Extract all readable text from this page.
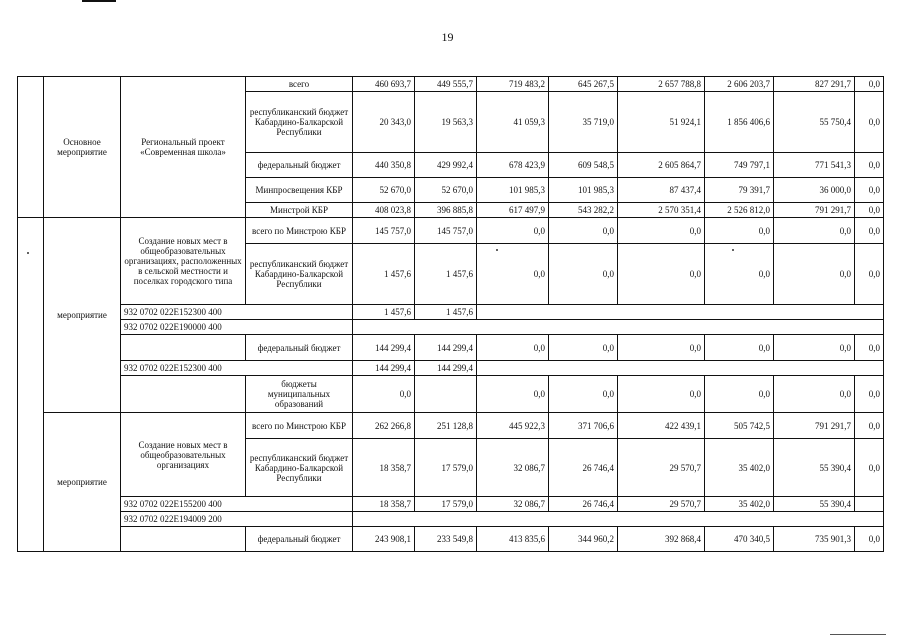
19
	Основное мероприятие	Региональный проект «Современная школа»	всего	460 693,7	449 555,7	719 483,2	645 267,5	2 657 788,8	2 606 203,7	827 291,7	0,0
			республиканский бюджет Кабардино-Балкарской Республики	20 343,0	19 563,3	41 059,3	35 719,0	51 924,1	1 856 406,6	55 750,4	0,0
			федеральный бюджет	440 350,8	429 992,4	678 423,9	609 548,5	2 605 864,7	749 797,1	771 541,3	0,0
			Минпросвещения КБР	52 670,0	52 670,0	101 985,3	101 985,3	87 437,4	79 391,7	36 000,0	0,0
			Минстрой КБР	408 023,8	396 885,8	617 497,9	543 282,2	2 570 351,4	2 526 812,0	791 291,7	0,0
	мероприятие	Создание новых мест в общеобразовательных организациях, расположенных в сельской местности и поселках городского типа	всего по Минстрою КБР	145 757,0	145 757,0	0,0	0,0	0,0	0,0	0,0	0,0
			республиканский бюджет Кабардино-Балкарской Республики	1 457,6	1 457,6	0,0	0,0	0,0	0,0	0,0	0,0
		932 0702 022E152300 400		1 457,6	1 457,6						
		932 0702 022E190000 400									
			федеральный бюджет	144 299,4	144 299,4	0,0	0,0	0,0	0,0	0,0	0,0
		932 0702 022E152300 400		144 299,4	144 299,4						
			бюджеты муниципальных образований	0,0		0,0	0,0	0,0	0,0	0,0	0,0
	мероприятие	Создание новых мест в общеобразовательных организациях	всего по Минстрою КБР	262 266,8	251 128,8	445 922,3	371 706,6	422 439,1	505 742,5	791 291,7	0,0
			республиканский бюджет Кабардино-Балкарской Республики	18 358,7	17 579,0	32 086,7	26 746,4	29 570,7	35 402,0	55 390,4	0,0
		932 0702 022E155200 400		18 358,7	17 579,0	32 086,7	26 746,4	29 570,7	35 402,0	55 390,4	
		932 0702 022E194009 200									
			федеральный бюджет	243 908,1	233 549,8	413 835,6	344 960,2	392 868,4	470 340,5	735 901,3	0,0
